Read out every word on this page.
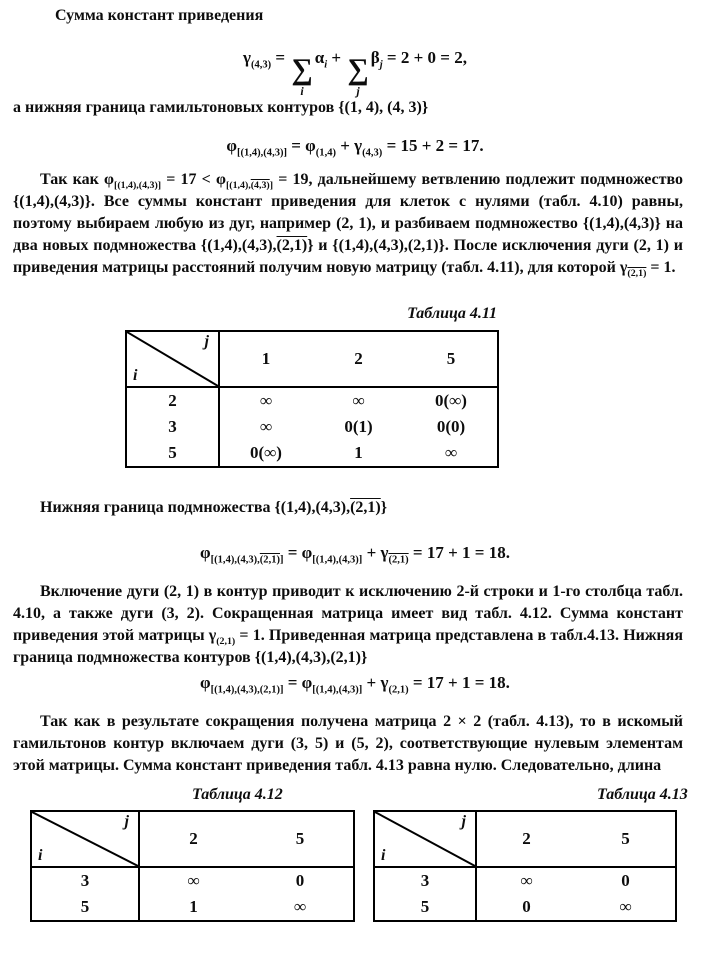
Сумма констант приведения

$\gamma_{(4,3)}$ = ∑
i
$\alpha_i$ + ∑
j
$\beta_j = 2 + 0 = 2$,

а нижняя граница гамильтоновых контуров {(1, 4), (4, 3)}

$\varphi_{[(1,4),(4,3)]} = \varphi_{(1,4)} + \gamma_{(4,3)} = 15 + 2 = 17$.

Так как $\varphi_{[(1,4),(4,3)]} = 17 < \varphi_{[(1,4),(4,3)]} = 19$, дальнейшему ветвлению подлежит подмножество {(1,4),(4,3)}. Все суммы констант приведения для клеток с нулями (табл. 4.10) равны, поэтому выбираем любую из дуг, например (2, 1), и разбиваем подмножество {(1,4),(4,3)} на два новых подмножества {(1,4),(4,3),(2,1)} и {(1,4),(4,3),(2,1)}. После исключения дуги (2, 1) и приведения матрицы расстояний получим новую матрицу (табл. 4.11), для которой $\gamma_{(2,1)} = 1$.

Таблица 4.11
j
i	1	2	5
2	∞	∞	0(∞)
3	∞	0(1)	0(0)
5	0(∞)	1	∞

Нижняя граница подмножества {(1,4),(4,3),(2,1)}

$\varphi_{[(1,4),(4,3),(2,1)]} = \varphi_{[(1,4),(4,3)]} + \gamma_{(2,1)} = 17 + 1 = 18$.

Включение дуги (2, 1) в контур приводит к исключению 2-й строки и 1-го столбца табл. 4.10, а также дуги (3, 2). Сокращенная матрица имеет вид табл. 4.12. Сумма констант приведения этой матрицы $\gamma_{(2,1)} = 1$. Приведенная матрица представлена в табл.4.13. Нижняя граница подмножества контуров {(1,4),(4,3),(2,1)}

$\varphi_{[(1,4),(4,3),(2,1)]} = \varphi_{[(1,4),(4,3)]} + \gamma_{(2,1)} = 17 + 1 = 18$.

Так как в результате сокращения получена матрица 2 × 2 (табл. 4.13), то в искомый гамильтонов контур включаем дуги (3, 5) и (5, 2), соответствующие нулевым элементам этой матрицы. Сумма констант приведения табл. 4.13 равна нулю. Следовательно, длина

Таблица 4.12	Таблица 4.13
j
i	2	5
3	∞	0
5	1	∞
j
i	2	5
3	∞	0
5	0	∞
